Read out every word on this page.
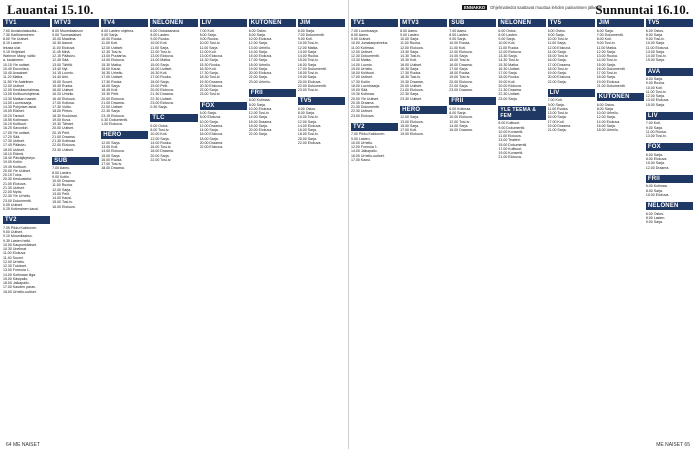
Lauantai 15.10.
TV1
7.00 Avoiskolaisuutta...
7.30 Karibianmeren.
8.00 Yle Uutiset.
8.10 Lasten
lelusta ulat.
9.15 Veljekset
Wahnon Maxy, valtio
a, kausineen.
10.15 Yle uutiset.
10.40 Euroviisut,
10.40 Avaukset.
11.20 Matka.
11.55 Yle Aatelinen.
12.00 Uutiset
12.05 Keskilauntaimaa.
13.05 Kulttuuriohjelmat.
13.30 Matkan haaste.
14.00 Luontosarja.
14.30 Pohjoiset asiat.
15.05 Eläinet.
15.20 Tanssit.
15.55 Kotimaan.
16.15 Kulttuuri.
16.25 Savonkiri.
17.05 Yle uutiset.
17.20 Sää.
17.30 Uutiset.
17.45 Pääsivu.
18.00 Uutiset.
18.10 Elämä.
18.40 Päiväjärjestys.
19.05 Kotiin.
19.45 Kulttuuri.
20.00 Yle Uutiset.
20.15 Tulos.
20.30 Keskustelut.
21.05 Elokuva.
21.30 Uutiset.
22.00 Myös.
22.30 Yle Urheilu.
23.00 Dokumentti.
0.05 Uutiset.
0.25 Kotimainen kausi.
TV2
7.05 Pikku Kakkonen.
9.00 Uutiset.
9.10 Muumilaakso.
9.35 Lasten hetki.
10.00 Kaupunkilaiset.
10.30 Unelmat.
11.00 Elokuva.
11.40 Suomi.
12.00 Urheilu.
12.30 Tulokset.
13.00 Formula 1.
14.00 Kotimaan liiga.
15.00 Käsipallo.
16.00 Jalkapallo.
17.00 Kauden paras.
18.00 Urheilu-uutiset.
MTV3
8.00 Muumilaakson
9.00 Tuumaslaiset.
10.00 Maailma.
10.30 Aamut.
11.00 Elokuva.
11.45 Minä.
12.15 Pääsivu.
12.45 Sää.
13.00 Tähtiä.
13.40 Nyt.
14.15 Luonto.
14.40 Arki.
15.00 Suomi.
15.45 Ruoka.
16.00 Uutiset.
16.20 Urheilu.
16.40 Elokuva.
17.00 Kotiosa.
17.30 Voitto.
18.00 Piirtos.
18.30 Kuuluisat.
19.00 Kuva.
19.30 Tähdet.
20.00 Uutiset.
20.15 Pelit.
21.00 Draama.
21.30 Kotimaa.
22.00 Elokuva.
23.30 Uutiset.
SUB
7.00 Aamu.
8.00 Lasten.
9.00 Kotiin.
10.00 Draama.
11.00 Ruoka.
12.00 Sarja.
13.00 Pelit.
14.00 Kausi.
15.00 Tosi-tv.
16.00 Elokuva.
TV4
8.00 Lasten ohjelma.
9.00 Sarja.
10.00 Ruoka.
11.00 Koti.
12.00 Uutiset.
12.30 Tosi-tv.
13.00 Puutarha.
14.00 Elokuva.
15.30 Matka.
16.00 Kausi.
16.30 Urheilu.
17.00 Uutiset.
17.30 Ruoka.
18.00 Sarja.
18.45 Koti.
19.30 Pelit.
20.00 Elokuva.
21.00 Draama.
22.00 Uutiset.
22.30 Sarja.
23.15 Elokuva.
0.30 Dokumentti.
1.00 Elokuva.
HERO
12.00 Sarja.
13.00 Koti.
14.00 Elokuva.
15.00 Sarja.
16.00 Ruoka.
17.00 Tosi-tv.
18.00 Draama.
NELONEN
6.00 Ostoskanava.
8.00 Lasten.
9.00 Ruoka.
10.00 Koti.
11.00 Sarja.
12.00 Tosi-tv.
13.00 Elokuva.
14.00 Matka.
15.00 Sarja.
16.00 Uutiset.
16.30 Koti.
17.00 Ruoka.
18.00 Sarja.
19.00 Pelit.
20.00 Elokuva.
21.30 Draama.
22.30 Uutiset.
23.00 Elokuva.
0.30 Sarja.
TLC
6.00 Ostos.
8.00 Tosi-tv.
10.00 Koti.
12.00 Sarja.
14.00 Ruoka.
16.00 Tosi-tv.
18.00 Draama.
20.00 Sarja.
22.00 Tosi-tv.
LIV
7.00 Koti.
8.00 Sarja.
9.00 Ruoka.
10.00 Tosi-tv.
11.00 Sarja.
12.00 Koti.
13.00 Elokuva.
14.30 Sarja.
15.30 Ruoka.
16.30 Koti.
17.30 Sarja.
18.30 Tosi-tv.
19.30 Draama.
20.30 Elokuva.
22.00 Sarja.
23.00 Tosi-tv.
FOX
6.00 Sarja.
8.00 Elokuva.
10.00 Sarja.
12.00 Draama.
14.00 Sarja.
16.00 Elokuva.
18.00 Sarja.
20.00 Draama.
22.00 Elokuva.
KUTONEN
6.00 Ostos.
8.00 Sarja.
10.00 Elokuva.
12.00 Sarja.
13.00 Urheilu.
14.00 Sarja.
15.00 Elokuva.
17.00 Sarja.
18.00 Urheilu.
19.00 Sarja.
20.00 Elokuva.
22.00 Sarja.
23.00 Urheilu.
FRII
6.00 Kotimaa.
8.00 Sarja.
10.00 Elokuva.
12.00 Tosi-tv.
14.00 Sarja.
16.00 Draama.
18.00 Sarja.
20.00 Elokuva.
22.00 Sarja.
JIM
6.00 Sarja.
7.00 Dokumentti.
9.00 Koti.
10.00 Tosi-tv.
12.00 Matka.
13.00 Sarja.
14.00 Ruoka.
15.00 Tosi-tv.
16.00 Sarja.
17.00 Dokumentti.
18.00 Tosi-tv.
19.00 Sarja.
20.00 Elokuva.
22.00 Dokumentti.
23.00 Tosi-tv.
TV5
6.00 Ostos.
8.00 Sarja.
10.00 Tosi-tv.
12.00 Sarja.
14.00 Elokuva.
16.00 Sarja.
18.00 Tosi-tv.
20.00 Sarja.
22.00 Elokuva.
64 ME NAISET
ENNAKKO Ohjelmatiedot saattavat muuttua lehden painamisen jälkeen.
Sunnuntai 16.10.
TV1
7.00 Luontosarja.
8.00 Aamu.
9.00 Uutiset.
10.00 Jumalanpalvelus.
11.00 Kotimaa.
12.00 Uutiset.
12.30 Dokumentti.
13.30 Matka.
14.00 Luonto.
15.00 Urheilu.
16.00 Kulttuuri.
17.00 Uutiset.
17.30 Kotiin.
18.00 Luontosarja.
19.00 Sää.
19.30 Kotimaa.
20.00 Yle Uutiset.
20.30 Draama.
21.30 Dokumentti.
22.30 Uutiset.
23.00 Elokuva.
TV2
7.00 Pikku Kakkonen.
9.00 Lasten.
10.00 Urheilu.
12.00 Formula 1.
14.00 Jalkapallo.
16.00 Urheilu-uutiset.
17.00 Kausi.
MTV3
8.00 Aamu.
9.00 Lasten.
10.00 Sarja.
11.00 Ruoka.
12.00 Elokuva.
13.30 Sarja.
14.30 Tosi-tv.
15.30 Koti.
16.00 Uutiset.
16.30 Sarja.
17.30 Ruoka.
18.30 Tosi-tv.
19.30 Draama.
20.00 Uutiset.
21.00 Elokuva.
22.30 Sarja.
23.30 Uutiset.
HERO
12.00 Sarja.
13.00 Elokuva.
15.00 Sarja.
17.00 Koti.
19.00 Elokuva.
SUB
7.00 Aamu.
8.00 Lasten.
9.00 Sarja.
10.00 Ruoka.
11.00 Koti.
12.00 Elokuva.
14.00 Sarja.
15.00 Tosi-tv.
16.00 Draama.
17.00 Sarja.
18.00 Ruoka.
19.00 Tosi-tv.
20.00 Elokuva.
22.00 Sarja.
23.00 Draama.
FRII
6.00 Kotimaa.
8.00 Sarja.
10.00 Elokuva.
12.00 Tosi-tv.
14.00 Sarja.
16.00 Draama.
NELONEN
6.00 Ostos.
8.00 Lasten.
9.00 Sarja.
10.00 Koti.
11.00 Ruoka.
12.00 Elokuva.
13.30 Sarja.
14.30 Tosi-tv.
15.30 Matka.
16.30 Uutiset.
17.00 Sarja.
18.00 Ruoka.
19.00 Koti.
20.00 Elokuva.
21.30 Draama.
22.30 Uutiset.
23.00 Sarja.
YLE TEEMA & FEM
8.00 Kulttuuri.
9.00 Dokumentti.
10.00 Konsertti.
11.00 Elokuva.
13.00 Teatteri.
15.00 Dokumentti.
17.00 Kulttuuri.
19.00 Konsertti.
21.00 Elokuva.
TV5
6.00 Ostos.
8.00 Sarja.
10.00 Tosi-tv.
11.00 Sarja.
12.00 Elokuva.
14.00 Sarja.
15.00 Tosi-tv.
16.00 Sarja.
17.00 Draama.
18.00 Tosi-tv.
19.00 Sarja.
20.00 Elokuva.
22.00 Sarja.
LIV
7.00 Koti.
9.00 Sarja.
11.00 Ruoka.
13.00 Tosi-tv.
15.00 Sarja.
17.00 Koti.
19.00 Draama.
21.00 Sarja.
JIM
6.00 Sarja.
7.00 Dokumentti.
8.00 Koti.
9.00 Tosi-tv.
11.00 Matka.
12.00 Sarja.
13.00 Ruoka.
14.00 Tosi-tv.
15.00 Sarja.
16.00 Dokumentti.
17.00 Tosi-tv.
18.00 Sarja.
19.00 Elokuva.
21.00 Dokumentti.
KUTONEN
6.00 Ostos.
8.00 Sarja.
10.00 Urheilu.
12.00 Sarja.
14.00 Elokuva.
16.00 Sarja.
18.00 Urheilu.
TV5
6.00 Ostos.
8.00 Sarja.
9.00 Tosi-tv.
10.00 Sarja.
11.00 Elokuva.
13.00 Sarja.
14.00 Tosi-tv.
15.00 Sarja.
AVA
8.00 Sarja.
9.00 Ruoka.
10.00 Koti.
11.00 Tosi-tv.
12.00 Sarja.
13.00 Elokuva.
15.00 Sarja.
LIV
7.00 Koti.
9.00 Sarja.
11.00 Ruoka.
13.00 Tosi-tv.
FOX
6.00 Sarja.
8.00 Elokuva.
10.00 Sarja.
12.00 Draama.
FRII
6.00 Kotimaa.
8.00 Sarja.
10.00 Elokuva.
NELONEN
6.00 Ostos.
8.00 Lasten.
9.00 Sarja.
ME NAISET 65
